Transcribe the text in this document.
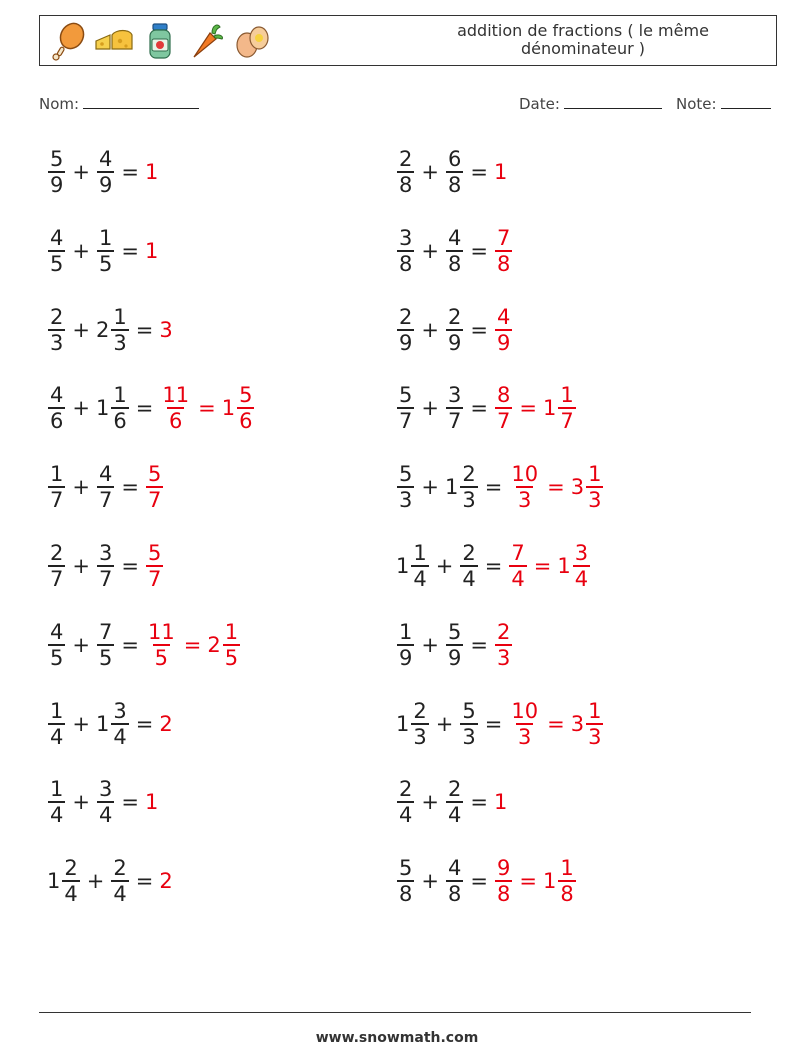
addition de fractions ( le même dénominateur )
Nom:	Date:	Note:
$\frac{5}{9} + \frac{4}{9} = 1$	$\frac{2}{8} + \frac{6}{8} = 1$
$\frac{4}{5} + \frac{1}{5} = 1$	$\frac{3}{8} + \frac{4}{8} = \frac{7}{8}$
$\frac{2}{3} + 2 \frac{1}{3} = 3$	$\frac{2}{9} + \frac{2}{9} = \frac{4}{9}$
$\frac{4}{6} + 1 \frac{1}{6} = \frac{11}{6} = 1 \frac{5}{6}$	$\frac{5}{7} + \frac{3}{7} = \frac{8}{7} = 1 \frac{1}{7}$
$\frac{1}{7} + \frac{4}{7} = \frac{5}{7}$	$\frac{5}{3} + 1 \frac{2}{3} = \frac{10}{3} = 3 \frac{1}{3}$
$\frac{2}{7} + \frac{3}{7} = \frac{5}{7}$	$1 \frac{1}{4} + \frac{2}{4} = \frac{7}{4} = 1 \frac{3}{4}$
$\frac{4}{5} + \frac{7}{5} = \frac{11}{5} = 2 \frac{1}{5}$	$\frac{1}{9} + \frac{5}{9} = \frac{2}{3}$
$\frac{1}{4} + 1 \frac{3}{4} = 2$	$1 \frac{2}{3} + \frac{5}{3} = \frac{10}{3} = 3 \frac{1}{3}$
$\frac{1}{4} + \frac{3}{4} = 1$	$\frac{2}{4} + \frac{2}{4} = 1$
$1 \frac{2}{4} + \frac{2}{4} = 2$	$\frac{5}{8} + \frac{4}{8} = \frac{9}{8} = 1 \frac{1}{8}$
www.snowmath.com
